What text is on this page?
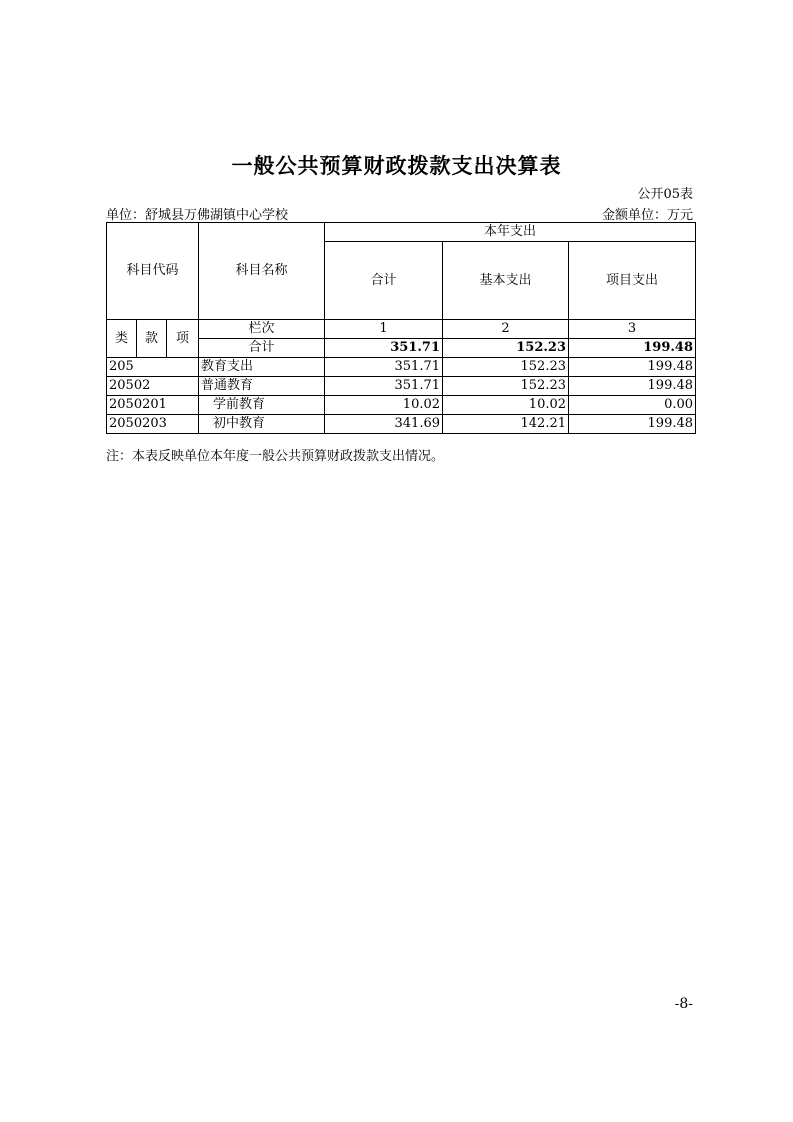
一般公共预算财政拨款支出决算表
公开05表
单位：舒城县万佛湖镇中心学校	金额单位：万元
科目代码			科目名称	本年支出		
				合计	基本支出	项目支出
类	款	项	栏次	1	2	3
			合计	351.71	152.23	199.48
205			教育支出	351.71	152.23	199.48
20502			普通教育	351.71	152.23	199.48
2050201			学前教育	10.02	10.02	0.00
2050203			初中教育	341.69	142.21	199.48
注：本表反映单位本年度一般公共预算财政拨款支出情况。
-8-
